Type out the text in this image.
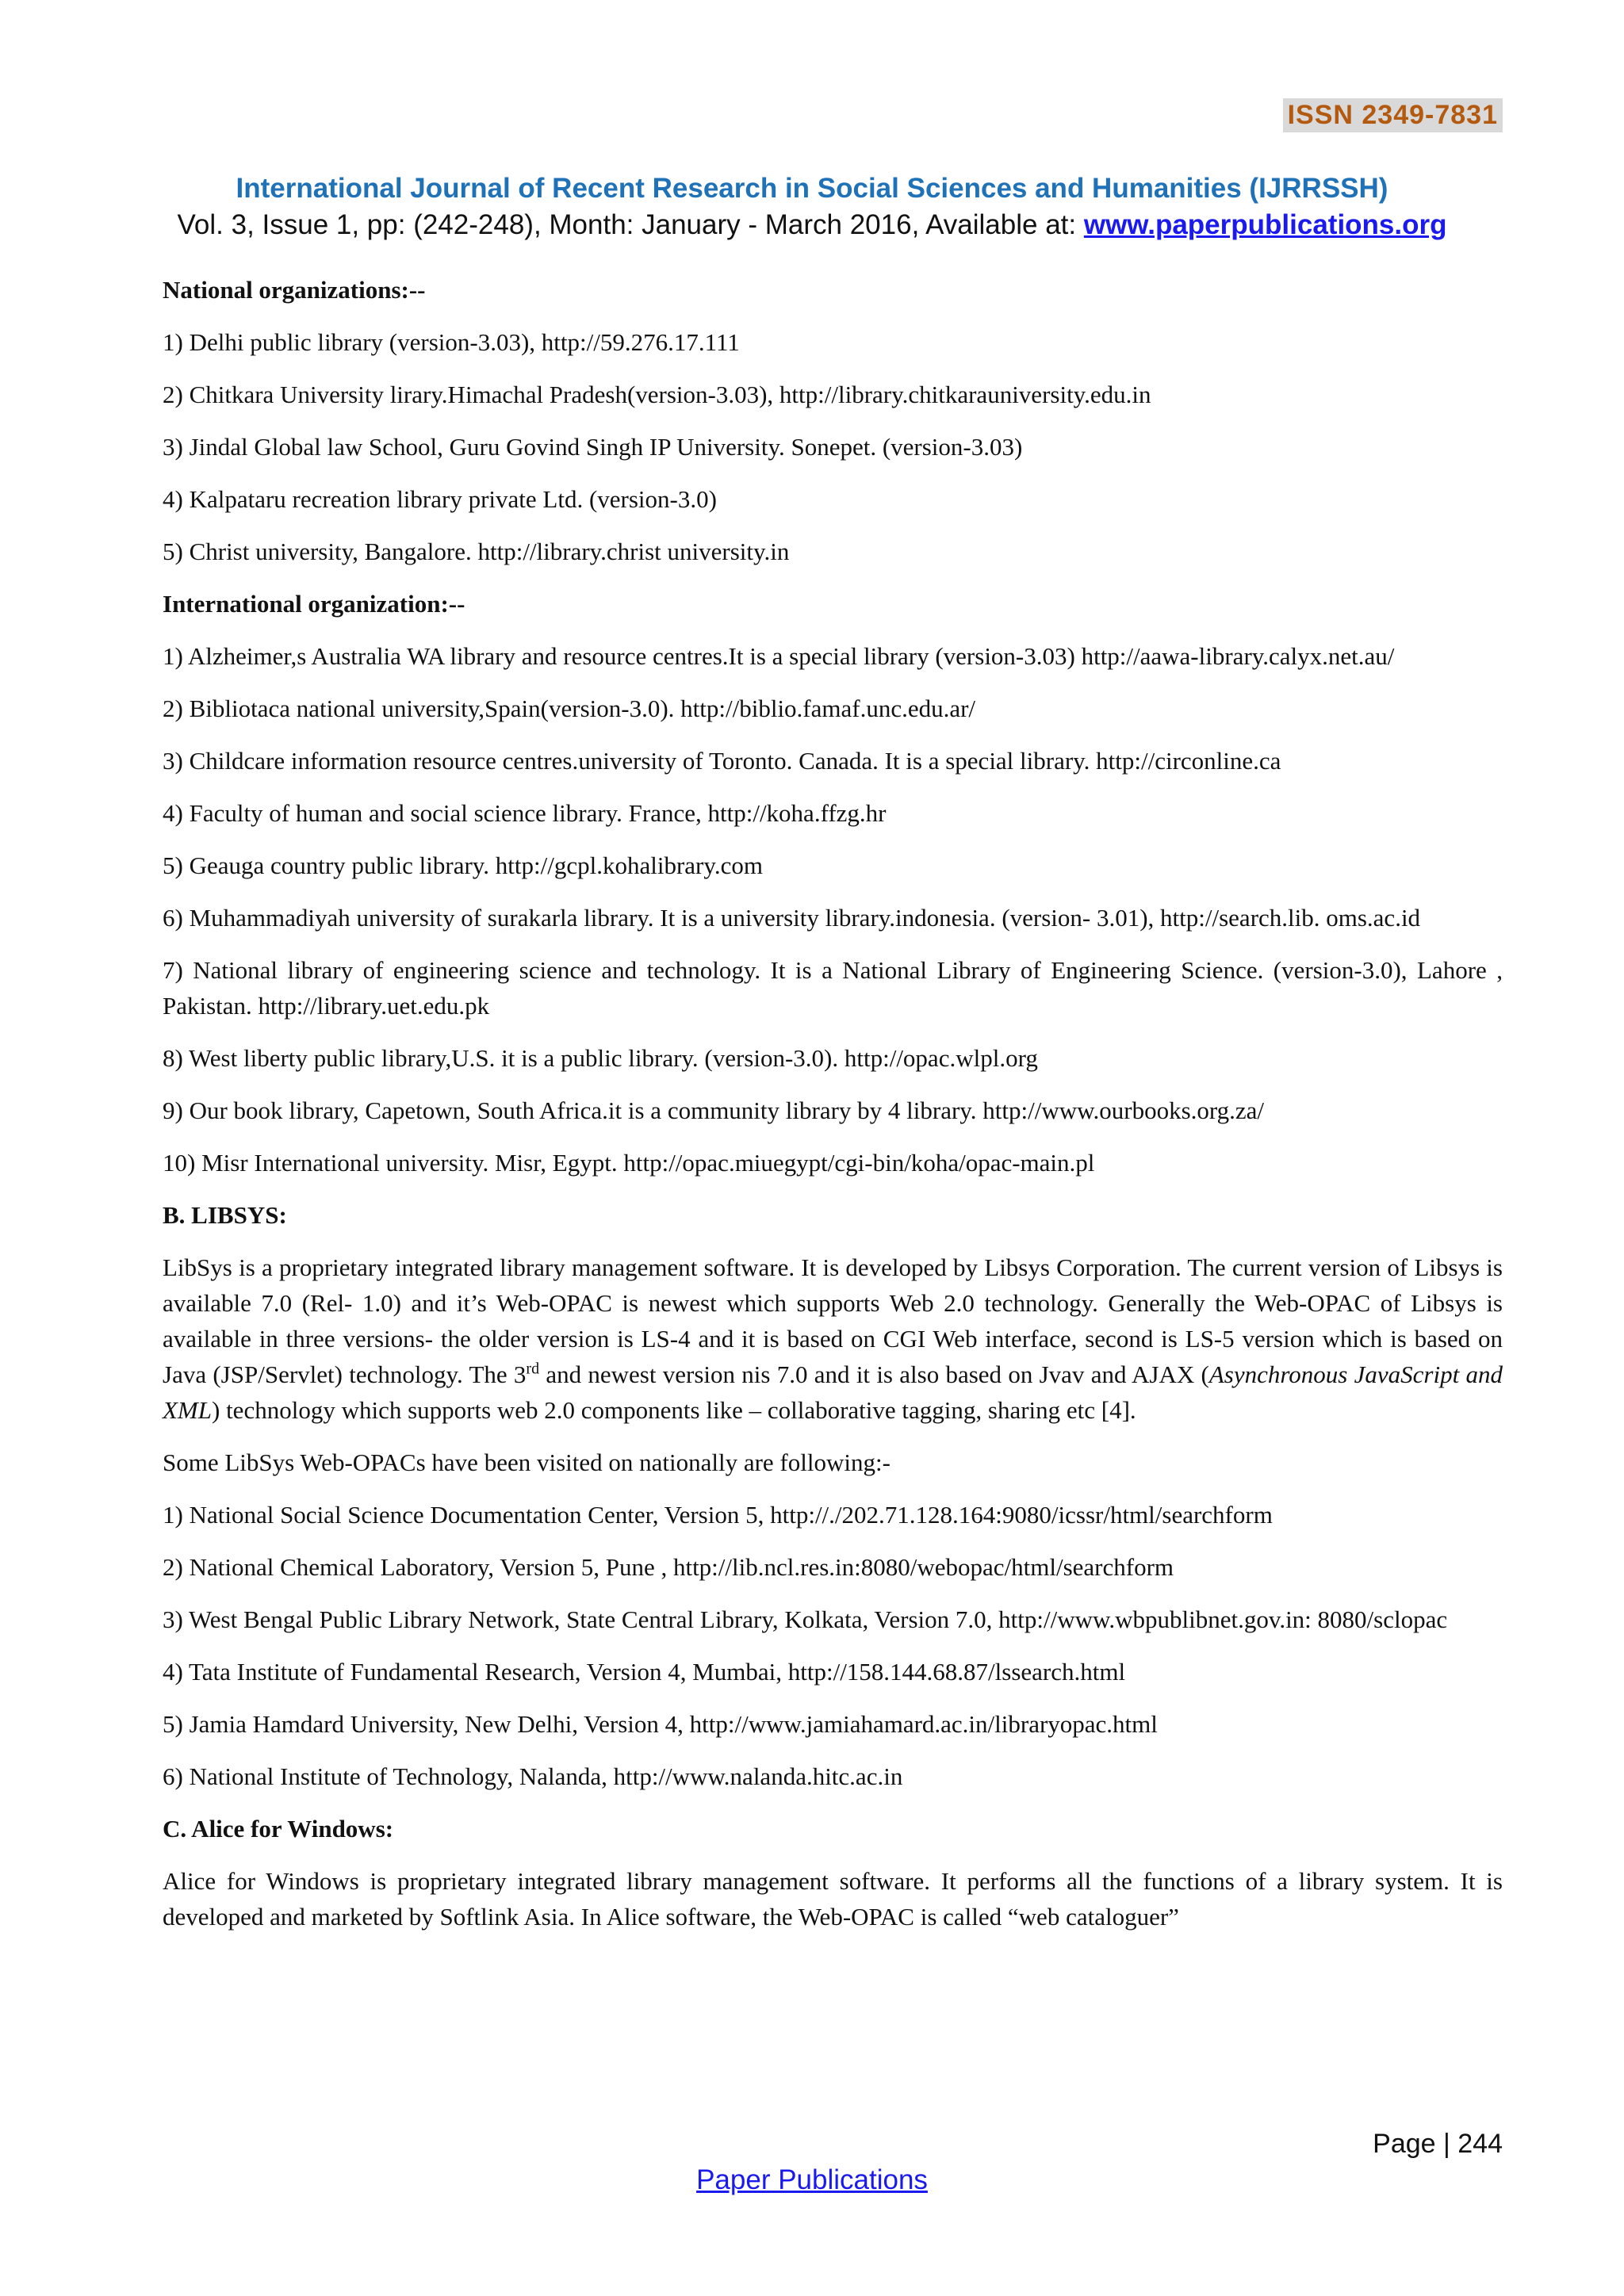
ISSN 2349-7831
International Journal of Recent Research in Social Sciences and Humanities (IJRRSSH)
Vol. 3, Issue 1, pp: (242-248), Month: January - March 2016, Available at: www.paperpublications.org

National organizations:--

1) Delhi public library (version-3.03), http://59.276.17.111

2) Chitkara University lirary.Himachal Pradesh(version-3.03), http://library.chitkarauniversity.edu.in

3) Jindal Global law School, Guru Govind Singh IP University. Sonepet. (version-3.03)

4) Kalpataru recreation library private Ltd. (version-3.0)

5) Christ university, Bangalore. http://library.christ university.in

International organization:--

1) Alzheimer,s Australia WA library and resource centres.It is a special library (version-3.03) http://aawa-library.calyx.net.au/

2) Bibliotaca national university,Spain(version-3.0). http://biblio.famaf.unc.edu.ar/

3) Childcare information resource centres.university of Toronto. Canada. It is a special library. http://circonline.ca

4) Faculty of human and social science library. France, http://koha.ffzg.hr

5) Geauga country public library. http://gcpl.kohalibrary.com

6) Muhammadiyah university of surakarla library. It is a university library.indonesia. (version- 3.01), http://search.lib. oms.ac.id

7) National library of engineering science and technology. It is a National Library of Engineering Science. (version-3.0), Lahore , Pakistan. http://library.uet.edu.pk

8) West liberty public library,U.S. it is a public library. (version-3.0). http://opac.wlpl.org

9) Our book library, Capetown, South Africa.it is a community library by 4 library. http://www.ourbooks.org.za/

10) Misr International university. Misr, Egypt. http://opac.miuegypt/cgi-bin/koha/opac-main.pl

B. LIBSYS:

LibSys is a proprietary integrated library management software. It is developed by Libsys Corporation. The current version of Libsys is available 7.0 (Rel- 1.0) and it’s Web-OPAC is newest which supports Web 2.0 technology. Generally the Web-OPAC of Libsys is available in three versions- the older version is LS-4 and it is based on CGI Web interface, second is LS-5 version which is based on Java (JSP/Servlet) technology. The 3rd and newest version nis 7.0 and it is also based on Jvav and AJAX (Asynchronous JavaScript and XML) technology which supports web 2.0 components like – collaborative tagging, sharing etc [4].

Some LibSys Web-OPACs have been visited on nationally are following:-

1) National Social Science Documentation Center, Version 5, http://./202.71.128.164:9080/icssr/html/searchform

2) National Chemical Laboratory, Version 5, Pune , http://lib.ncl.res.in:8080/webopac/html/searchform

3) West Bengal Public Library Network, State Central Library, Kolkata, Version 7.0, http://www.wbpublibnet.gov.in: 8080/sclopac

4) Tata Institute of Fundamental Research, Version 4, Mumbai, http://158.144.68.87/lssearch.html

5) Jamia Hamdard University, New Delhi, Version 4, http://www.jamiahamard.ac.in/libraryopac.html

6) National Institute of Technology, Nalanda, http://www.nalanda.hitc.ac.in

C. Alice for Windows:

Alice for Windows is proprietary integrated library management software. It performs all the functions of a library system. It is developed and marketed by Softlink Asia. In Alice software, the Web-OPAC is called “web cataloguer”

Page | 244
Paper Publications
